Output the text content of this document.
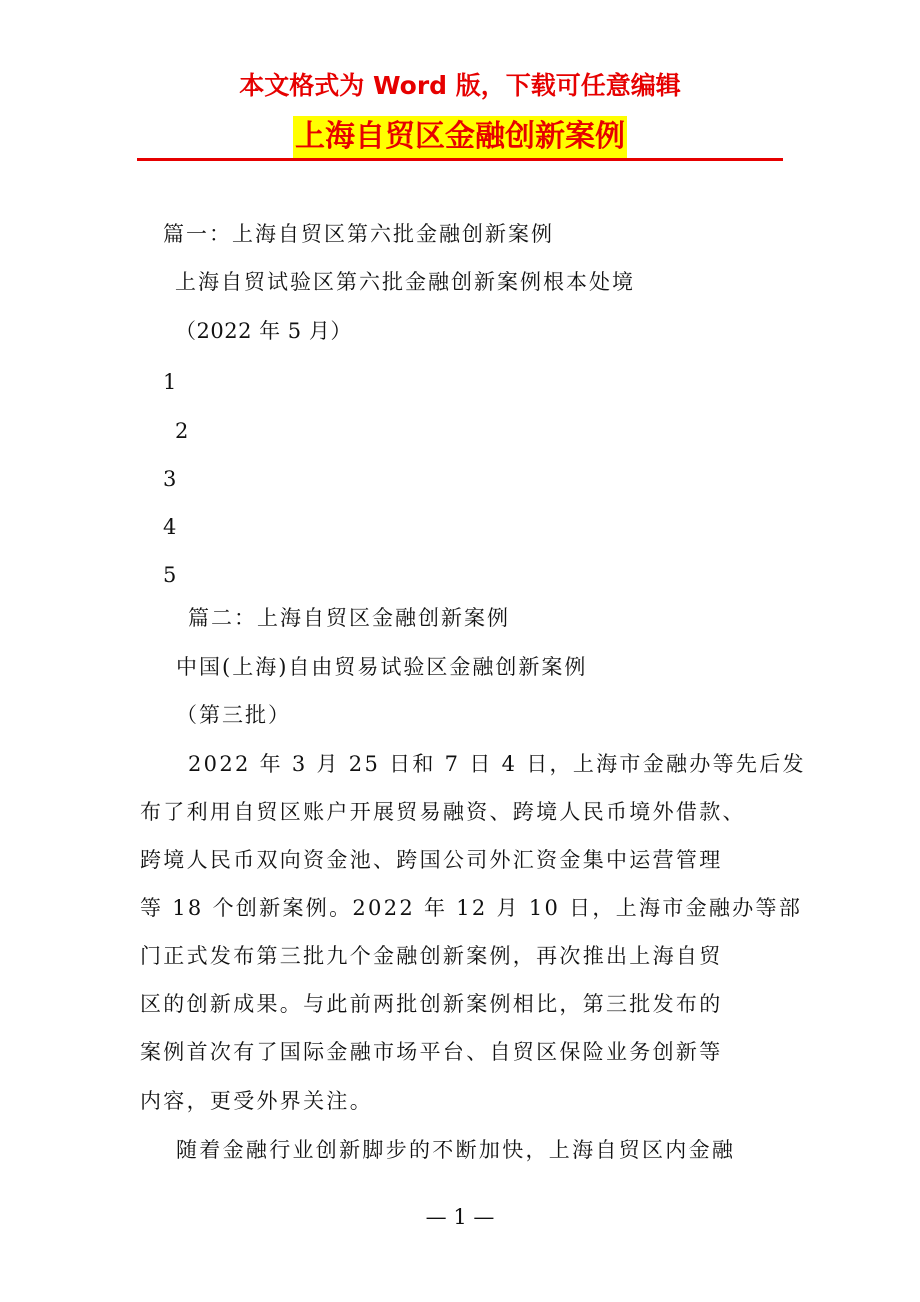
本文格式为 Word 版，下载可任意编辑
上海自贸区金融创新案例
篇一：上海自贸区第六批金融创新案例
上海自贸试验区第六批金融创新案例根本处境
（2022 年 5 月）
1
2
3
4
5
篇二：上海自贸区金融创新案例
中国(上海)自由贸易试验区金融创新案例
（第三批）
2022 年 3 月 25 日和 7 日 4 日，上海市金融办等先后发
布了利用自贸区账户开展贸易融资、跨境人民币境外借款、
跨境人民币双向资金池、跨国公司外汇资金集中运营管理
等 18 个创新案例。2022 年 12 月 10 日，上海市金融办等部
门正式发布第三批九个金融创新案例，再次推出上海自贸
区的创新成果。与此前两批创新案例相比，第三批发布的
案例首次有了国际金融市场平台、自贸区保险业务创新等
内容，更受外界关注。
随着金融行业创新脚步的不断加快，上海自贸区内金融
— 1 —
